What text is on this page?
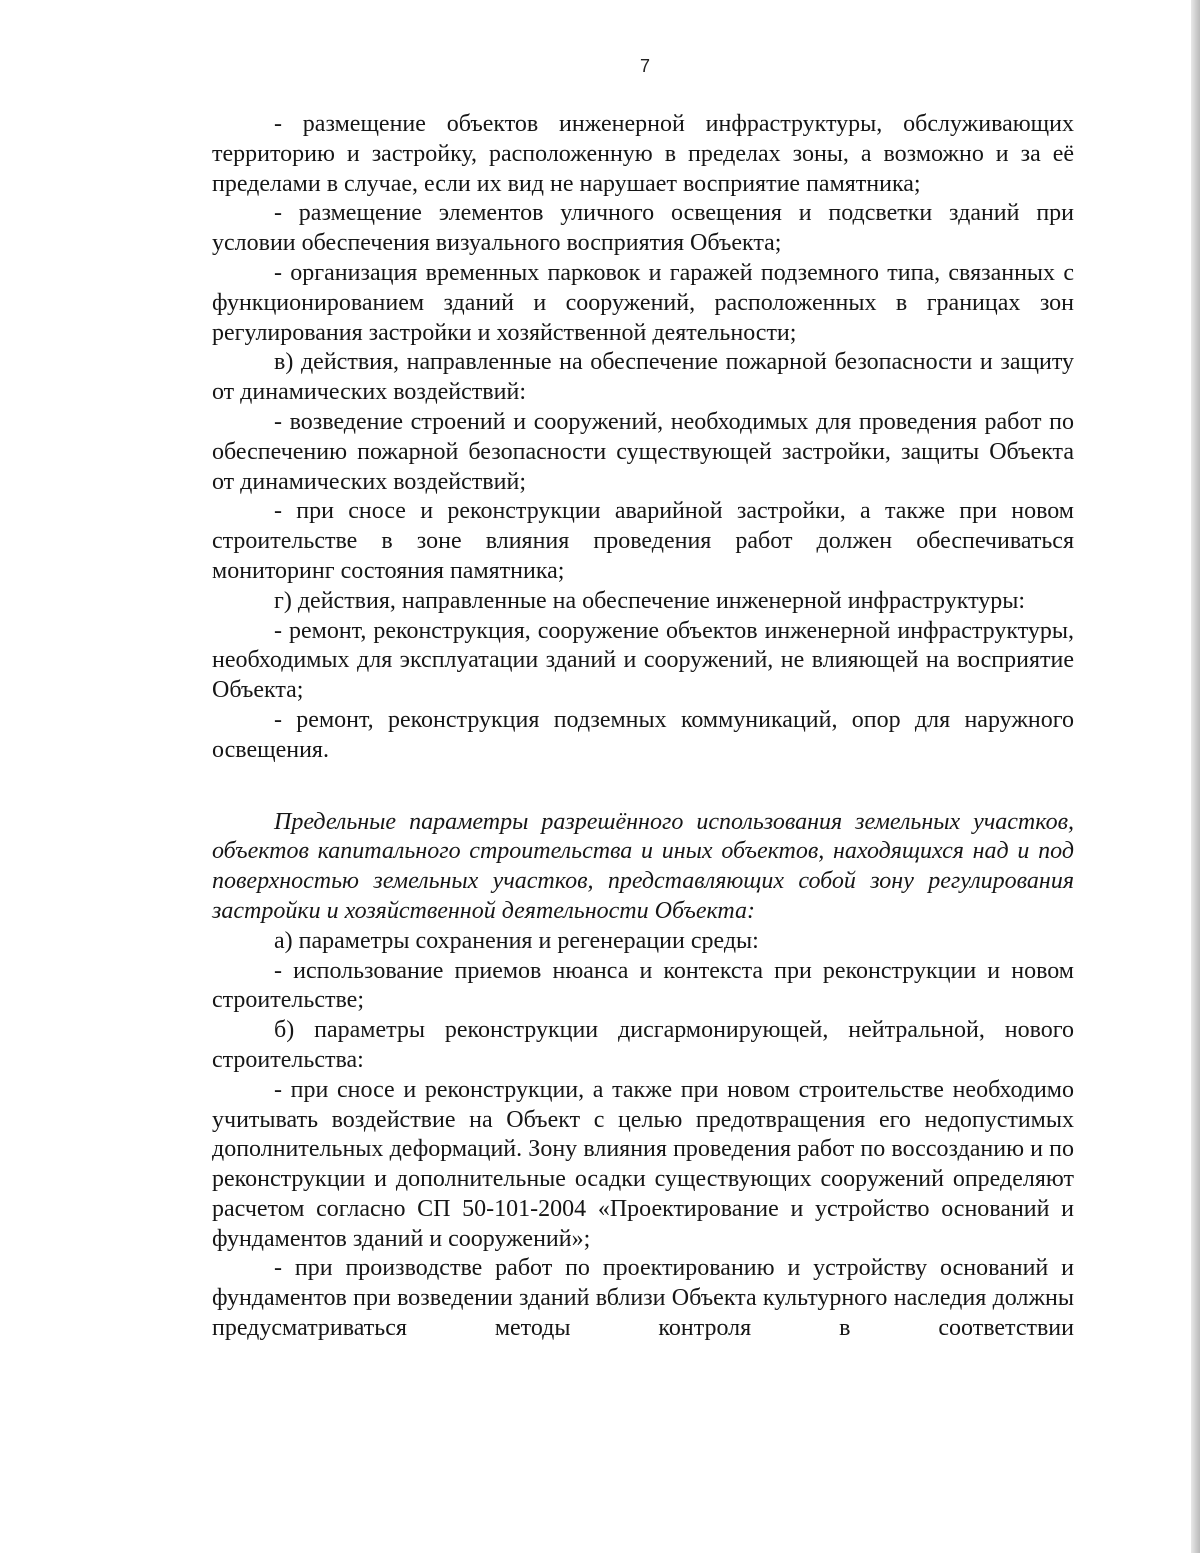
7

- размещение объектов инженерной инфраструктуры, обслуживающих территорию и застройку, расположенную в пределах зоны, а возможно и за её пределами в случае, если их вид не нарушает восприятие памятника;

- размещение элементов уличного освещения и подсветки зданий при условии обеспечения визуального восприятия Объекта;

- организация временных парковок и гаражей подземного типа, связанных с функционированием зданий и сооружений, расположенных в границах зон регулирования застройки и хозяйственной деятельности;

в) действия, направленные на обеспечение пожарной безопасности и защиту от динамических воздействий:

- возведение строений и сооружений, необходимых для проведения работ по обеспечению пожарной безопасности существующей застройки, защиты Объекта от динамических воздействий;

- при сносе и реконструкции аварийной застройки, а также при новом строительстве в зоне влияния проведения работ должен обеспечиваться мониторинг состояния памятника;

г) действия, направленные на обеспечение инженерной инфраструктуры:

- ремонт, реконструкция, сооружение объектов инженерной инфраструктуры, необходимых для эксплуатации зданий и сооружений, не влияющей на восприятие Объекта;

- ремонт, реконструкция подземных коммуникаций, опор для наружного освещения.

Предельные параметры разрешённого использования земельных участков, объектов капитального строительства и иных объектов, находящихся над и под поверхностью земельных участков, представляющих собой зону регулирования застройки и хозяйственной деятельности Объекта:

а) параметры сохранения и регенерации среды:

- использование приемов нюанса и контекста при реконструкции и новом строительстве;

б) параметры реконструкции дисгармонирующей, нейтральной, нового строительства:

- при сносе и реконструкции, а также при новом строительстве необходимо учитывать воздействие на Объект с целью предотвращения его недопустимых дополнительных деформаций. Зону влияния проведения работ по воссозданию и по реконструкции и дополнительные осадки существующих сооружений определяют расчетом согласно СП 50-101-2004 «Проектирование и устройство оснований и фундаментов зданий и сооружений»;

- при производстве работ по проектированию и устройству оснований и фундаментов при возведении зданий вблизи Объекта культурного наследия должны предусматриваться методы контроля в соответствии
